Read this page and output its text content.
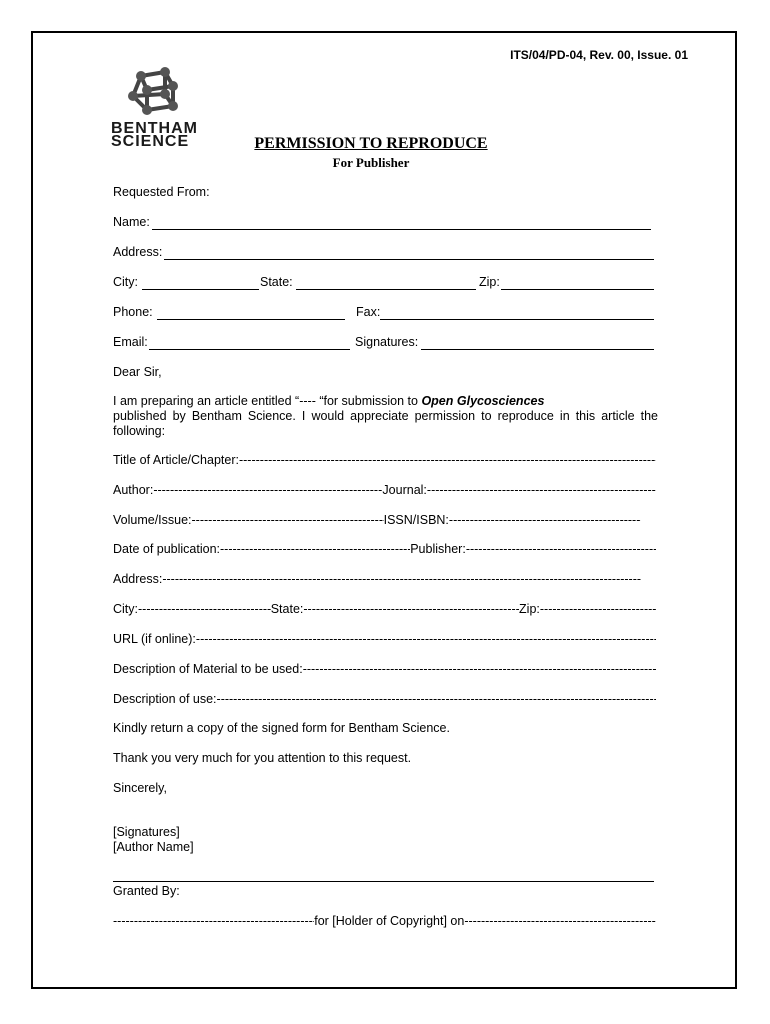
ITS/04/PD-04, Rev. 00, Issue. 01
BENTHAM
SCIENCE	PERMISSION TO REPRODUCE
For Publisher
Requested From:
Name:
Address:
City:	State:	Zip:
Phone:	Fax:
Email:	Signatures:
Dear Sir,
I am preparing an article entitled “---- “for submission to Open Glycosciences
published by Bentham Science. I would appreciate permission to reproduce in this article the following:
Title of Article/Chapter:
-----
Author: -----	Journal:
-----
Volume/Issue: -----	ISSN/ISBN:
-----
Date of publication: -----	Publisher:
-----
Address:
-----
City: -----	State: -----	Zip:
-----
URL (if online):
-----
Description of Material to be used:
-----
Description of use:
-----
Kindly return a copy of the signed form for Bentham Science.
Thank you very much for you attention to this request.
Sincerely,
[Signatures]
[Author Name]
Granted By:
-----
for [Holder of Copyright] on
-----
